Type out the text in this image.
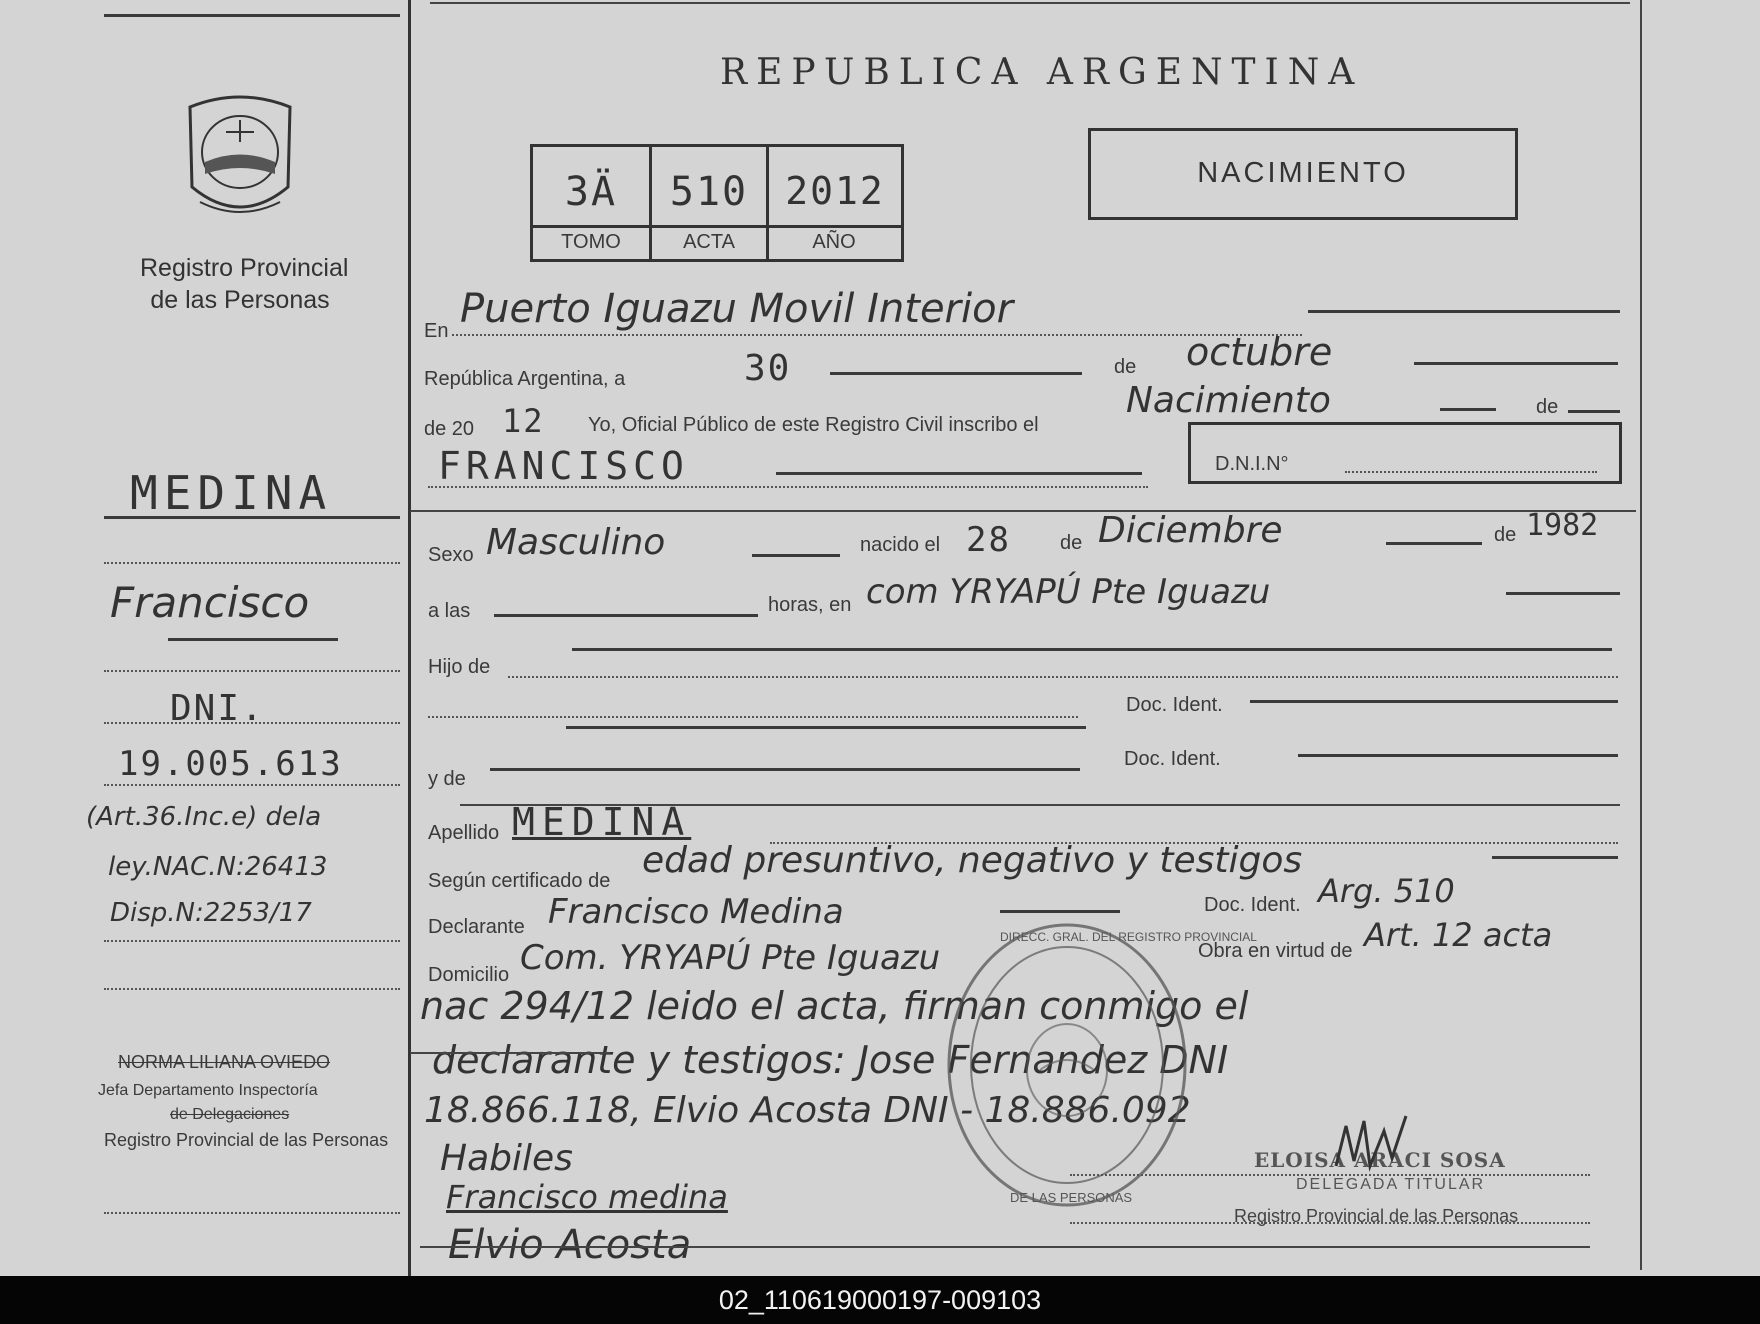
Registro Provincial
de las Personas
REPUBLICA ARGENTINA
3Ä	510 2012
TOMO	ACTA	AÑO
NACIMIENTO
MEDINA
Francisco
DNI.
19.005.613
(Art.36.Inc.e) dela
ley.NAC.N:26413
Disp.N:2253/17
NORMA LILIANA OVIEDO
Jefa Departamento Inspectoría
de Delegaciones
Registro Provincial de las Personas
En Puerto Iguazu Movil Interior
República Argentina, a	30	de octubre
de 20 12 Yo, Oficial Público de este Registro Civil inscribo el
Nacimiento	de
FRANCISCO	D.N.I.N°
Sexo Masculino	nacido el 28 de Diciembre	de 1982
a las	horas, en com YRYAPÚ Pte Iguazu
Hijo de
Doc. Ident.
y de
Doc. Ident.
Apellido MEDINA
Según certificado de edad presuntivo, negativo y testigos
Declarante Francisco Medina	Doc. Ident. Arg. 510
Domicilio Com. YRYAPÚ Pte Iguazu	Obra en virtud de Art. 12 acta
nac 294/12 leido el acta, firman conmigo el
declarante y testigos: Jose Fernandez DNI
18.866.118, Elvio Acosta DNI - 18.886.092
Habiles
Francisco medina
Elvio Acosta
DE LAS PERSONAS
DIRECC. GRAL. DEL REGISTRO PROVINCIAL
ELOISA ARACI SOSA
DELEGADA TITULAR
Registro Provincial de las Personas
02_110619000197-009103
